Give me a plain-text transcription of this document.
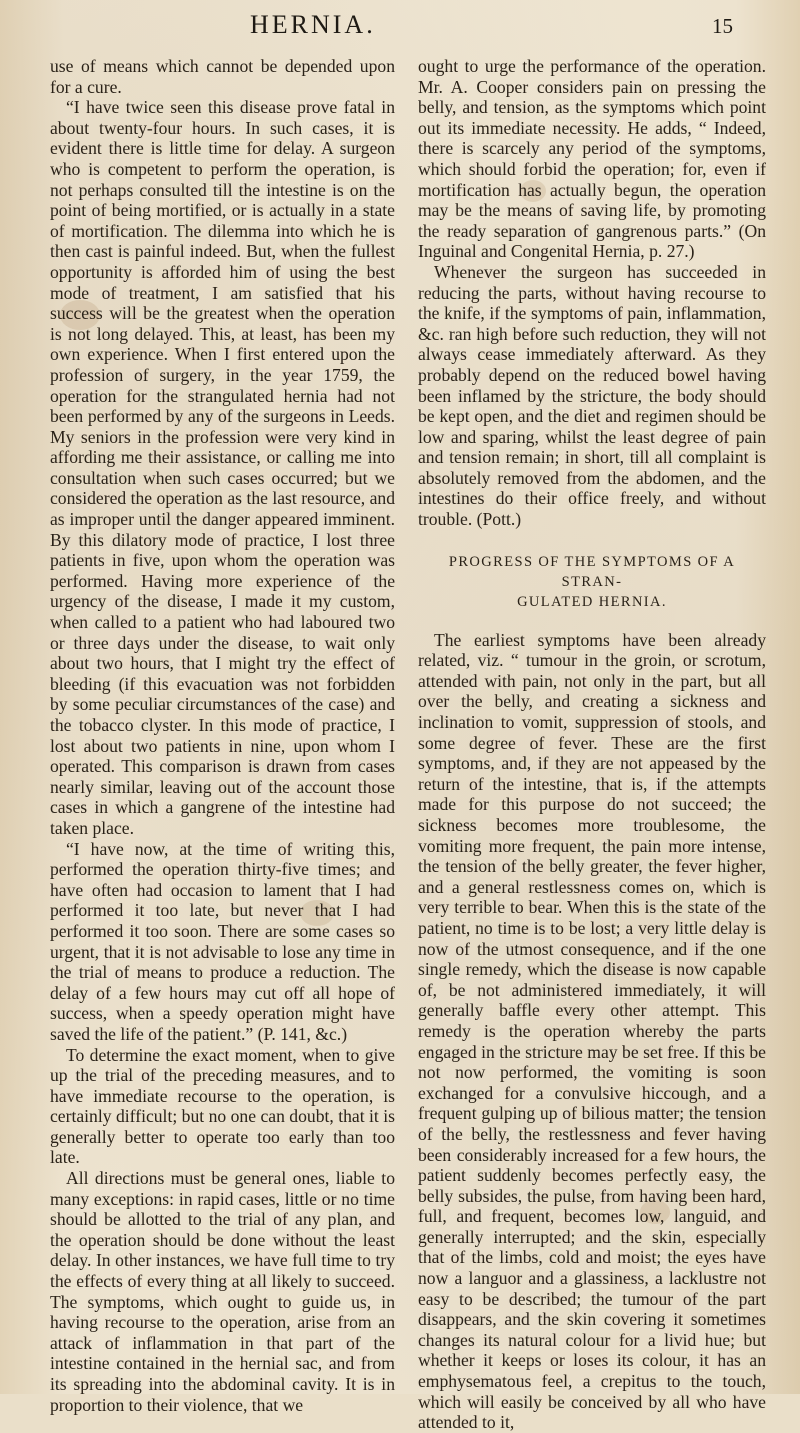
HERNIA.	15

use of means which cannot be depended upon for a cure.

“I have twice seen this disease prove fatal in about twenty-four hours. In such cases, it is evident there is little time for delay. A surgeon who is competent to perform the operation, is not perhaps consulted till the intestine is on the point of being mortified, or is actually in a state of mortification. The dilemma into which he is then cast is painful indeed. But, when the fullest opportunity is afforded him of using the best mode of treatment, I am satisfied that his success will be the greatest when the operation is not long delayed. This, at least, has been my own experience. When I first entered upon the profession of surgery, in the year 1759, the operation for the strangulated hernia had not been performed by any of the surgeons in Leeds. My seniors in the profession were very kind in affording me their assistance, or calling me into consultation when such cases occurred; but we considered the operation as the last resource, and as improper until the danger appeared imminent. By this dilatory mode of practice, I lost three patients in five, upon whom the operation was performed. Having more experience of the urgency of the disease, I made it my custom, when called to a patient who had laboured two or three days under the disease, to wait only about two hours, that I might try the effect of bleeding (if this evacuation was not forbidden by some peculiar circumstances of the case) and the tobacco clyster. In this mode of practice, I lost about two patients in nine, upon whom I operated. This comparison is drawn from cases nearly similar, leaving out of the account those cases in which a gangrene of the intestine had taken place.

“I have now, at the time of writing this, performed the operation thirty-five times; and have often had occasion to lament that I had performed it too late, but never that I had performed it too soon. There are some cases so urgent, that it is not advisable to lose any time in the trial of means to produce a reduction. The delay of a few hours may cut off all hope of success, when a speedy operation might have saved the life of the patient.” (P. 141, &c.)

To determine the exact moment, when to give up the trial of the preceding measures, and to have immediate recourse to the operation, is certainly difficult; but no one can doubt, that it is generally better to operate too early than too late.

All directions must be general ones, liable to many exceptions: in rapid cases, little or no time should be allotted to the trial of any plan, and the operation should be done without the least delay. In other instances, we have full time to try the effects of every thing at all likely to succeed. The symptoms, which ought to guide us, in having recourse to the operation, arise from an attack of inflammation in that part of the intestine contained in the hernial sac, and from its spreading into the abdominal cavity. It is in proportion to their violence, that we

ought to urge the performance of the operation. Mr. A. Cooper considers pain on pressing the belly, and tension, as the symptoms which point out its immediate necessity. He adds, “ Indeed, there is scarcely any period of the symptoms, which should forbid the operation; for, even if mortification has actually begun, the operation may be the means of saving life, by promoting the ready separation of gangrenous parts.” (On Inguinal and Congenital Hernia, p. 27.)

Whenever the surgeon has succeeded in reducing the parts, without having recourse to the knife, if the symptoms of pain, inflammation, &c. ran high before such reduction, they will not always cease immediately afterward. As they probably depend on the reduced bowel having been inflamed by the stricture, the body should be kept open, and the diet and regimen should be low and sparing, whilst the least degree of pain and tension remain; in short, till all complaint is absolutely removed from the abdomen, and the intestines do their office freely, and without trouble. (Pott.)

PROGRESS OF THE SYMPTOMS OF A STRAN-
GULATED HERNIA.

The earliest symptoms have been already related, viz. “ tumour in the groin, or scrotum, attended with pain, not only in the part, but all over the belly, and creating a sickness and inclination to vomit, suppression of stools, and some degree of fever. These are the first symptoms, and, if they are not appeased by the return of the intestine, that is, if the attempts made for this purpose do not succeed; the sickness becomes more troublesome, the vomiting more frequent, the pain more intense, the tension of the belly greater, the fever higher, and a general restlessness comes on, which is very terrible to bear. When this is the state of the patient, no time is to be lost; a very little delay is now of the utmost consequence, and if the one single remedy, which the disease is now capable of, be not administered immediately, it will generally baffle every other attempt. This remedy is the operation whereby the parts engaged in the stricture may be set free. If this be not now performed, the vomiting is soon exchanged for a convulsive hiccough, and a frequent gulping up of bilious matter; the tension of the belly, the restlessness and fever having been considerably increased for a few hours, the patient suddenly becomes perfectly easy, the belly subsides, the pulse, from having been hard, full, and frequent, becomes low, languid, and generally interrupted; and the skin, especially that of the limbs, cold and moist; the eyes have now a languor and a glassiness, a lacklustre not easy to be described; the tumour of the part disappears, and the skin covering it sometimes changes its natural colour for a livid hue; but whether it keeps or loses its colour, it has an emphysematous feel, a crepitus to the touch, which will easily be conceived by all who have attended to it,
